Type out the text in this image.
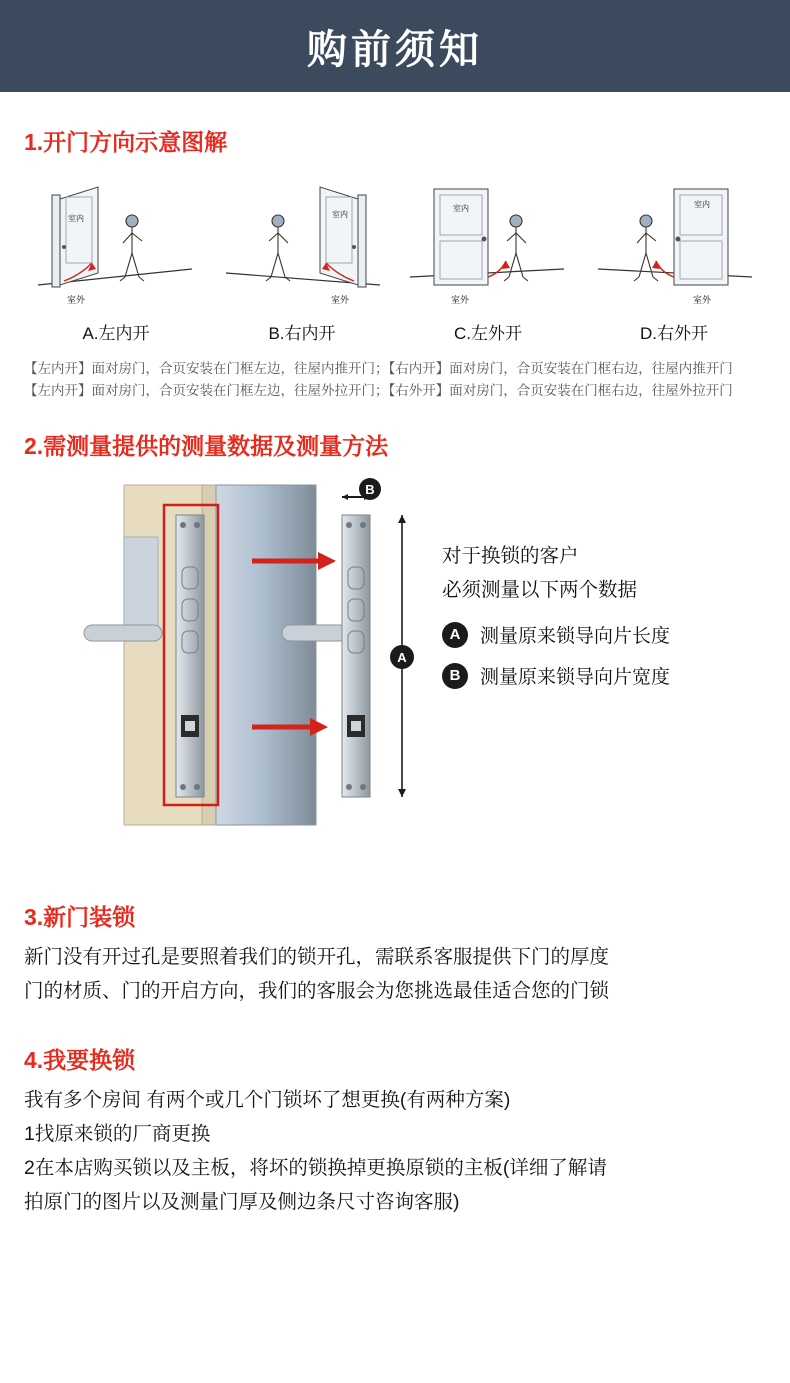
购前须知
1.开门方向示意图解
室内
室外
A.左内开
室内
室外
B.右内开
室内
室外
C.左外开
室内
室外
D.右外开
【左内开】面对房门，合页安装在门框左边，往屋内推开门；【右内开】面对房门，合页安装在门框右边，往屋内推开门
【左内开】面对房门，合页安装在门框左边，往屋外拉开门；【右外开】面对房门，合页安装在门框右边，往屋外拉开门
2.需测量提供的测量数据及测量方法
B
A
对于换锁的客户
必须测量以下两个数据
A	测量原来锁导向片长度
B	测量原来锁导向片宽度
3.新门装锁

新门没有开过孔是要照着我们的锁开孔，需联系客服提供下门的厚度

门的材质、门的开启方向，我们的客服会为您挑选最佳适合您的门锁

4.我要换锁

我有多个房间 有两个或几个门锁坏了想更换(有两种方案)

1找原来锁的厂商更换

2在本店购买锁以及主板，将坏的锁换掉更换原锁的主板(详细了解请

拍原门的图片以及测量门厚及侧边条尺寸咨询客服)
